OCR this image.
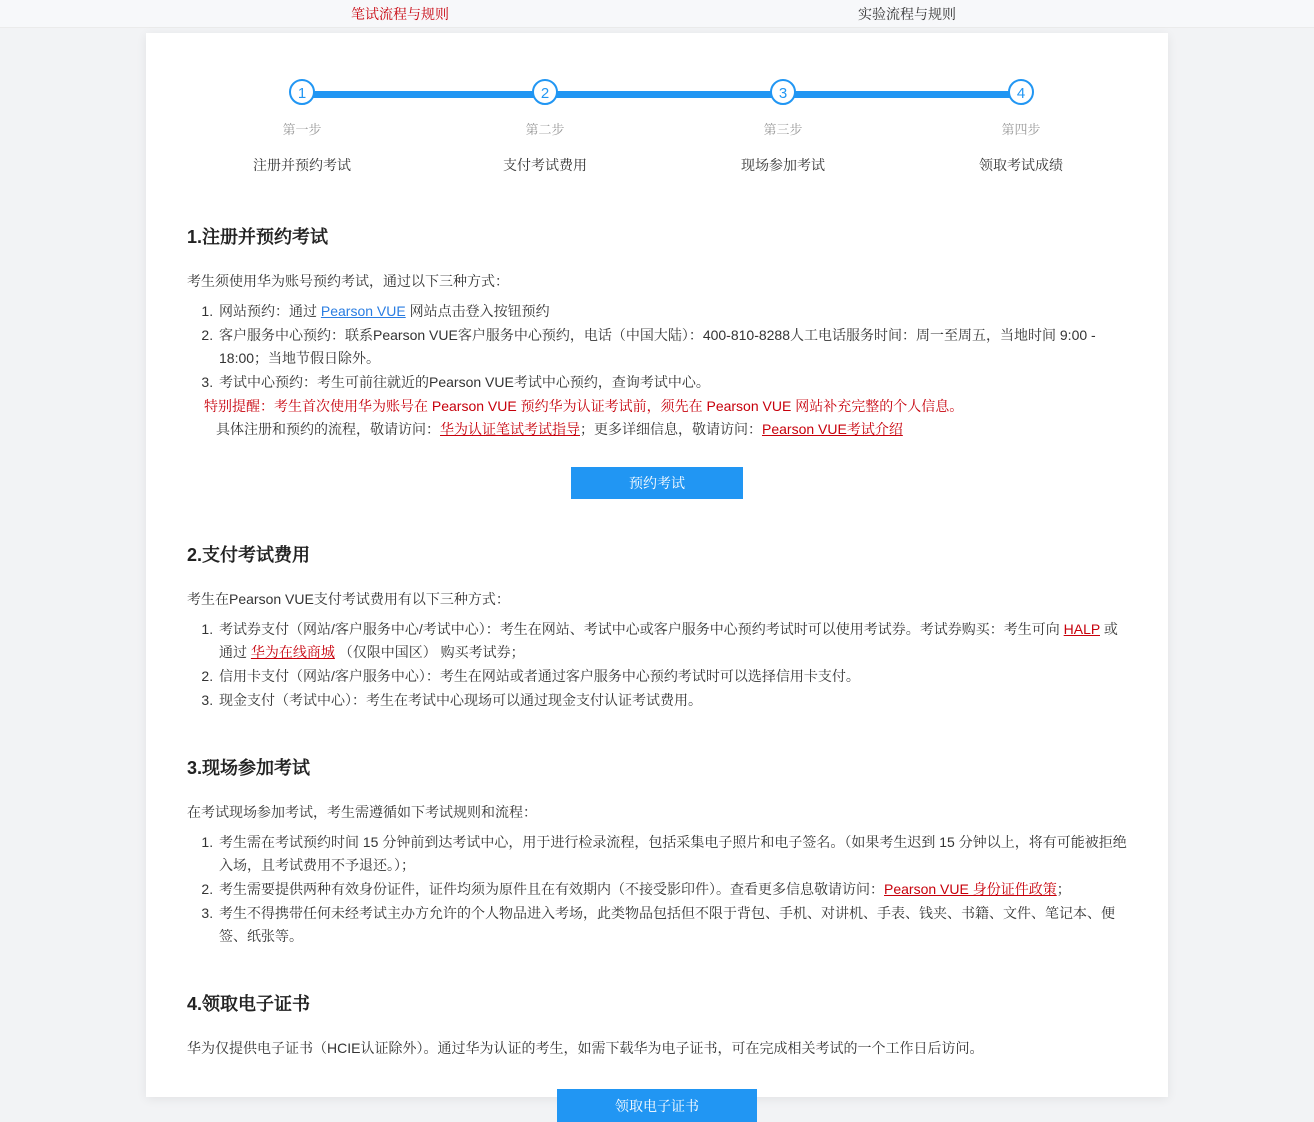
笔试流程与规则	实验流程与规则
1
第一步
注册并预约考试
2
第二步
支付考试费用
3
第三步
现场参加考试
4
第四步
领取考试成绩
1.注册并预约考试

考生须使用华为账号预约考试，通过以下三种方式：

1. 网站预约：通过 Pearson VUE 网站点击登入按钮预约
2. 客户服务中心预约：联系Pearson VUE客户服务中心预约，电话（中国大陆）：400-810-8288人工电话服务时间：周一至周五，当地时间 9:00 - 18:00；当地节假日除外。
3. 考试中心预约：考生可前往就近的Pearson VUE考试中心预约，查询考试中心。
特别提醒：考生首次使用华为账号在 Pearson VUE 预约华为认证考试前，须先在 Pearson VUE 网站补充完整的个人信息。
具体注册和预约的流程，敬请访问：华为认证笔试考试指导；更多详细信息，敬请访问：Pearson VUE考试介绍
预约考试
2.支付考试费用

考生在Pearson VUE支付考试费用有以下三种方式：

1. 考试券支付（网站/客户服务中心/考试中心）：考生在网站、考试中心或客户服务中心预约考试时可以使用考试券。考试券购买：考生可向 HALP 或通过 华为在线商城 （仅限中国区） 购买考试券；
2. 信用卡支付（网站/客户服务中心）：考生在网站或者通过客户服务中心预约考试时可以选择信用卡支付。
3. 现金支付（考试中心）：考生在考试中心现场可以通过现金支付认证考试费用。
3.现场参加考试

在考试现场参加考试，考生需遵循如下考试规则和流程：

1. 考生需在考试预约时间 15 分钟前到达考试中心，用于进行检录流程，包括采集电子照片和电子签名。（如果考生迟到 15 分钟以上，将有可能被拒绝入场，且考试费用不予退还。）；
2. 考生需要提供两种有效身份证件，证件均须为原件且在有效期内（不接受影印件）。查看更多信息敬请访问：Pearson VUE 身份证件政策；
3. 考生不得携带任何未经考试主办方允许的个人物品进入考场，此类物品包括但不限于背包、手机、对讲机、手表、钱夹、书籍、文件、笔记本、便签、纸张等。
4.领取电子证书

华为仅提供电子证书（HCIE认证除外）。通过华为认证的考生，如需下载华为电子证书，可在完成相关考试的一个工作日后访问。

领取电子证书
